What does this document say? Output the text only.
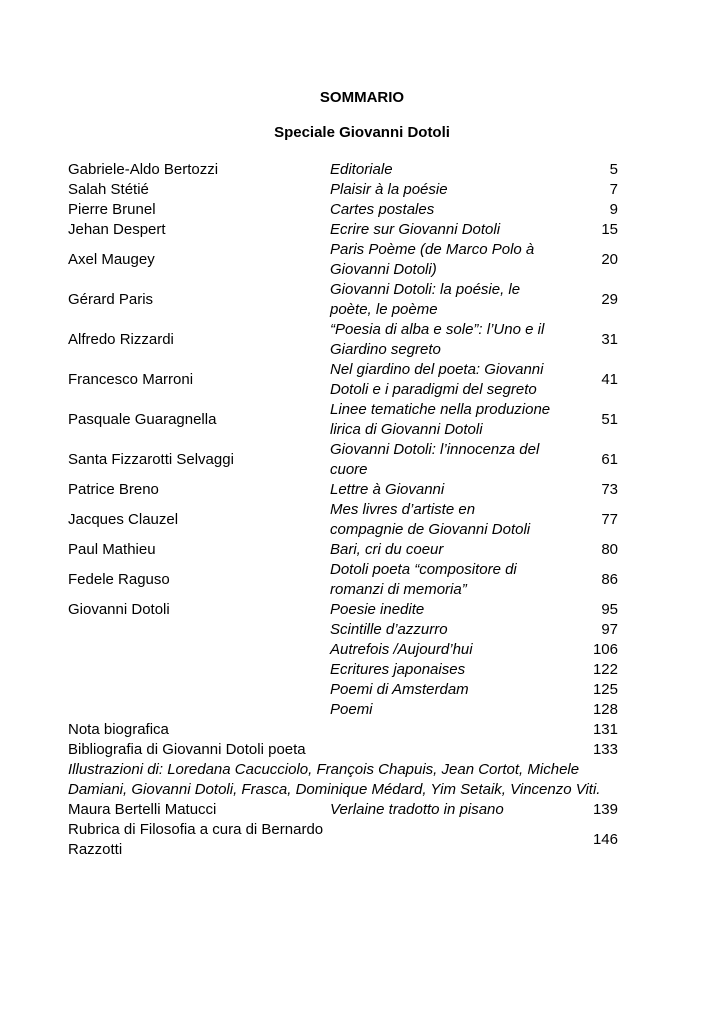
SOMMARIO
Speciale Giovanni Dotoli
Gabriele-Aldo Bertozzi	Editoriale	5
Salah Stétié	Plaisir à la poésie	7
Pierre Brunel	Cartes postales	9
Jehan Despert	Ecrire sur Giovanni Dotoli	15
Axel Maugey	Paris Poème (de Marco Polo à Giovanni Dotoli)	20
Gérard Paris	Giovanni Dotoli: la poésie, le poète, le poème	29
Alfredo Rizzardi	“Poesia di alba e sole”: l’Uno e il Giardino segreto	31
Francesco Marroni	Nel giardino del poeta: Giovanni Dotoli e i paradigmi del segreto	41
Pasquale Guaragnella	Linee tematiche nella produzione lirica di Giovanni Dotoli	51
Santa Fizzarotti Selvaggi	Giovanni Dotoli: l’innocenza del cuore	61
Patrice Breno	Lettre à Giovanni	73
Jacques Clauzel	Mes livres d’artiste en compagnie de Giovanni Dotoli	77
Paul Mathieu	Bari, cri du coeur	80
Fedele Raguso	Dotoli poeta “compositore di romanzi di memoria”	86
Giovanni Dotoli	Poesie inedite	95
	Scintille d’azzurro	97
	Autrefois /Aujourd’hui	106
	Ecritures japonaises	122
	Poemi di Amsterdam	125
	Poemi	128
Nota biografica		131
Bibliografia di Giovanni Dotoli poeta		133
Illustrazioni di: Loredana Cacucciolo, François Chapuis, Jean Cortot, Michele Damiani, Giovanni Dotoli, Frasca, Dominique Médard, Yim Setaik, Vincenzo Viti.		
Maura Bertelli Matucci	Verlaine tradotto in pisano	139
Rubrica di Filosofia a cura di Bernardo Razzotti		146
